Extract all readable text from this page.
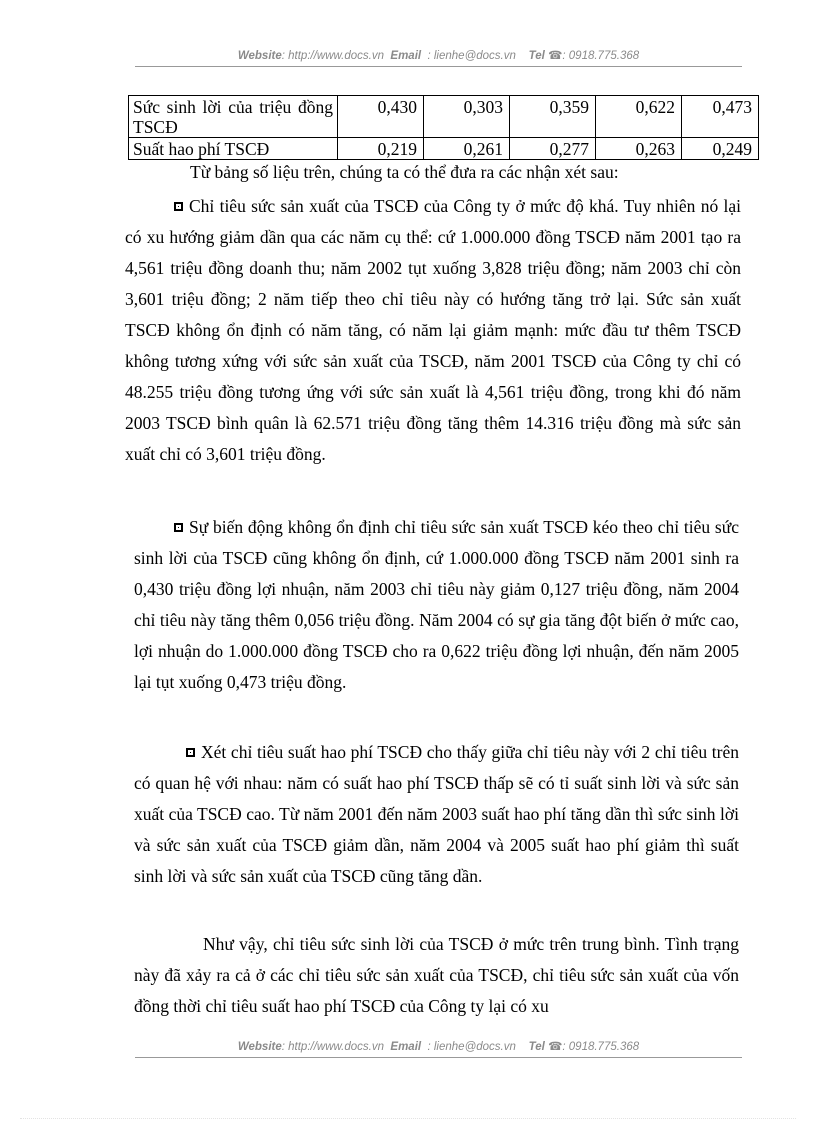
Website: http://www.docs.vn Email : lienhe@docs.vn Tel ☎: 0918.775.368
Sức sinh lời của triệu đồng TSCĐ	0,430	0,303	0,359	0,622	0,473
Suất hao phí TSCĐ	0,219	0,261	0,277	0,263	0,249
Từ bảng số liệu trên, chúng ta có thể đưa ra các nhận xét sau:
Chỉ tiêu sức sản xuất của TSCĐ của Công ty ở mức độ khá. Tuy nhiên nó lại có xu hướng giảm dần qua các năm cụ thể: cứ 1.000.000 đồng TSCĐ năm 2001 tạo ra 4,561 triệu đồng doanh thu; năm 2002 tụt xuống 3,828 triệu đồng; năm 2003 chỉ còn 3,601 triệu đồng; 2 năm tiếp theo chỉ tiêu này có hướng tăng trở lại. Sức sản xuất TSCĐ không ổn định có năm tăng, có năm lại giảm mạnh: mức đầu tư thêm TSCĐ không tương xứng với sức sản xuất của TSCĐ, năm 2001 TSCĐ của Công ty chỉ có 48.255 triệu đồng tương ứng với sức sản xuất là 4,561 triệu đồng, trong khi đó năm 2003 TSCĐ bình quân là 62.571 triệu đồng tăng thêm 14.316 triệu đồng mà sức sản xuất chỉ có 3,601 triệu đồng.
Sự biến động không ổn định chỉ tiêu sức sản xuất TSCĐ kéo theo chỉ tiêu sức sinh lời của TSCĐ cũng không ổn định, cứ 1.000.000 đồng TSCĐ năm 2001 sinh ra 0,430 triệu đồng lợi nhuận, năm 2003 chỉ tiêu này giảm 0,127 triệu đồng, năm 2004 chỉ tiêu này tăng thêm 0,056 triệu đồng. Năm 2004 có sự gia tăng đột biến ở mức cao, lợi nhuận do 1.000.000 đồng TSCĐ cho ra 0,622 triệu đồng lợi nhuận, đến năm 2005 lại tụt xuống 0,473 triệu đồng.
Xét chỉ tiêu suất hao phí TSCĐ cho thấy giữa chỉ tiêu này với 2 chỉ tiêu trên có quan hệ với nhau: năm có suất hao phí TSCĐ thấp sẽ có tỉ suất sinh lời và sức sản xuất của TSCĐ cao. Từ năm 2001 đến năm 2003 suất hao phí tăng dần thì sức sinh lời và sức sản xuất của TSCĐ giảm dần, năm 2004 và 2005 suất hao phí giảm thì suất sinh lời và sức sản xuất của TSCĐ cũng tăng dần.
Như vậy, chỉ tiêu sức sinh lời của TSCĐ ở mức trên trung bình. Tình trạng này đã xảy ra cả ở các chỉ tiêu sức sản xuất của TSCĐ, chỉ tiêu sức sản xuất của vốn đồng thời chỉ tiêu suất hao phí TSCĐ của Công ty lại có xu
Website: http://www.docs.vn Email : lienhe@docs.vn Tel ☎: 0918.775.368
